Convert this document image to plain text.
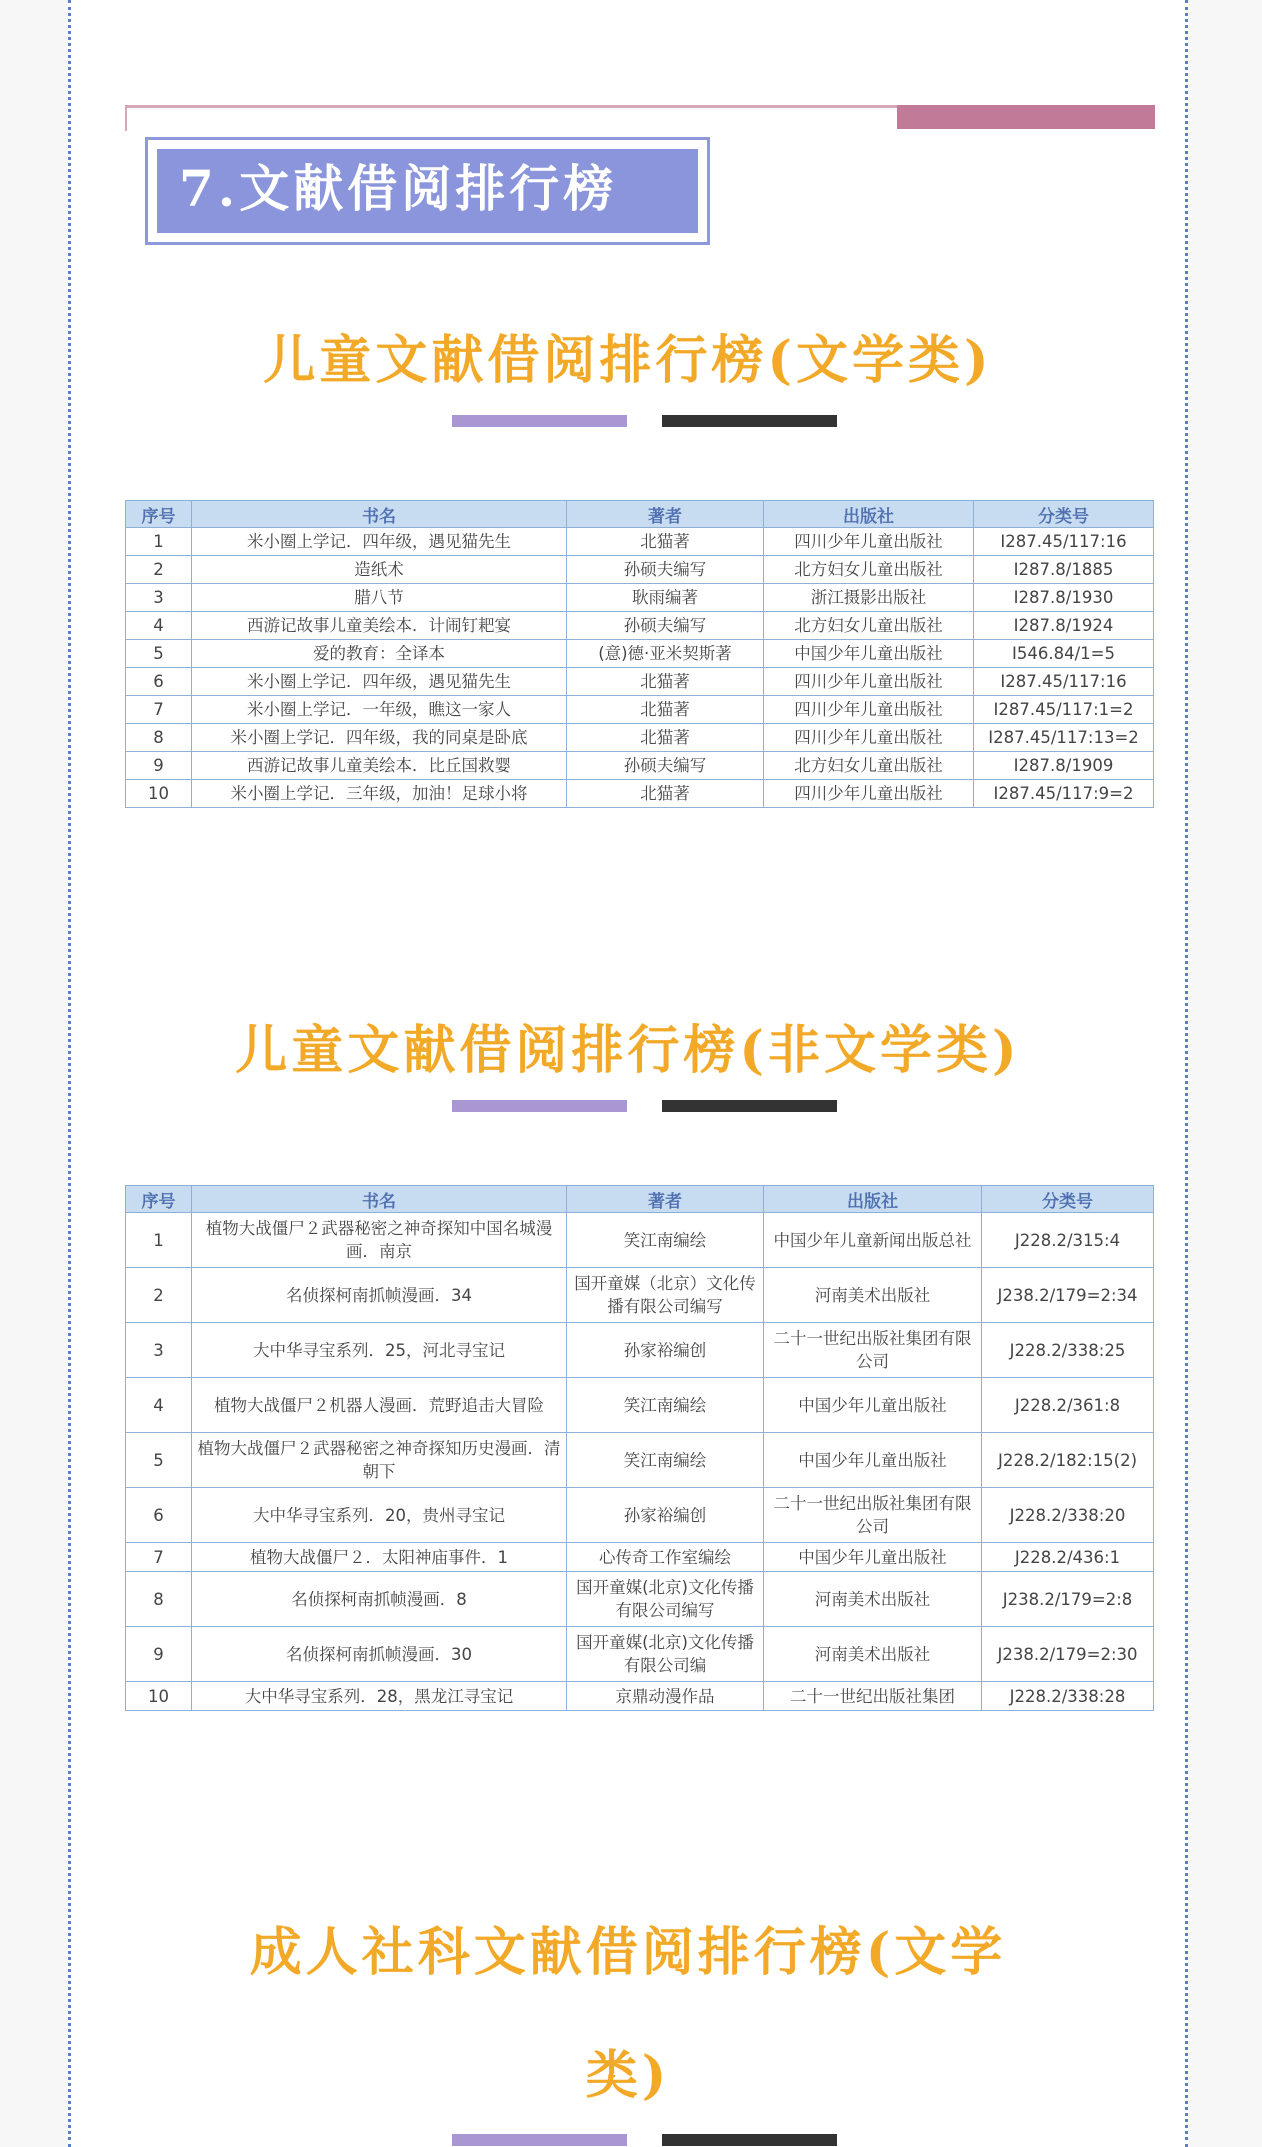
7.文献借阅排行榜
儿童文献借阅排行榜(文学类)
序号	书名	著者	出版社	分类号
1	米小圈上学记．四年级，遇见猫先生	北猫著	四川少年儿童出版社	I287.45/117:16
2	造纸术	孙硕夫编写	北方妇女儿童出版社	I287.8/1885
3	腊八节	耿雨编著	浙江摄影出版社	I287.8/1930
4	西游记故事儿童美绘本．计闹钉耙宴	孙硕夫编写	北方妇女儿童出版社	I287.8/1924
5	爱的教育：全译本	(意)德·亚米契斯著	中国少年儿童出版社	I546.84/1=5
6	米小圈上学记．四年级，遇见猫先生	北猫著	四川少年儿童出版社	I287.45/117:16
7	米小圈上学记．一年级，瞧这一家人	北猫著	四川少年儿童出版社	I287.45/117:1=2
8	米小圈上学记．四年级，我的同桌是卧底	北猫著	四川少年儿童出版社	I287.45/117:13=2
9	西游记故事儿童美绘本．比丘国救婴	孙硕夫编写	北方妇女儿童出版社	I287.8/1909
10	米小圈上学记．三年级，加油！足球小将	北猫著	四川少年儿童出版社	I287.45/117:9=2
儿童文献借阅排行榜(非文学类)
序号	书名	著者	出版社	分类号
1	植物大战僵尸２武器秘密之神奇探知中国名城漫画．南京	笑江南编绘	中国少年儿童新闻出版总社	J228.2/315:4
2	名侦探柯南抓帧漫画．34	国开童媒（北京）文化传播有限公司编写	河南美术出版社	J238.2/179=2:34
3	大中华寻宝系列．25，河北寻宝记	孙家裕编创	二十一世纪出版社集团有限公司	J228.2/338:25
4	植物大战僵尸２机器人漫画．荒野追击大冒险	笑江南编绘	中国少年儿童出版社	J228.2/361:8
5	植物大战僵尸２武器秘密之神奇探知历史漫画．清朝下	笑江南编绘	中国少年儿童出版社	J228.2/182:15(2)
6	大中华寻宝系列．20，贵州寻宝记	孙家裕编创	二十一世纪出版社集团有限公司	J228.2/338:20
7	植物大战僵尸２．太阳神庙事件．1	心传奇工作室编绘	中国少年儿童出版社	J228.2/436:1
8	名侦探柯南抓帧漫画．8	国开童媒(北京)文化传播有限公司编写	河南美术出版社	J238.2/179=2:8
9	名侦探柯南抓帧漫画．30	国开童媒(北京)文化传播有限公司编	河南美术出版社	J238.2/179=2:30
10	大中华寻宝系列．28，黑龙江寻宝记	京鼎动漫作品	二十一世纪出版社集团	J228.2/338:28
成人社科文献借阅排行榜(文学
类)
